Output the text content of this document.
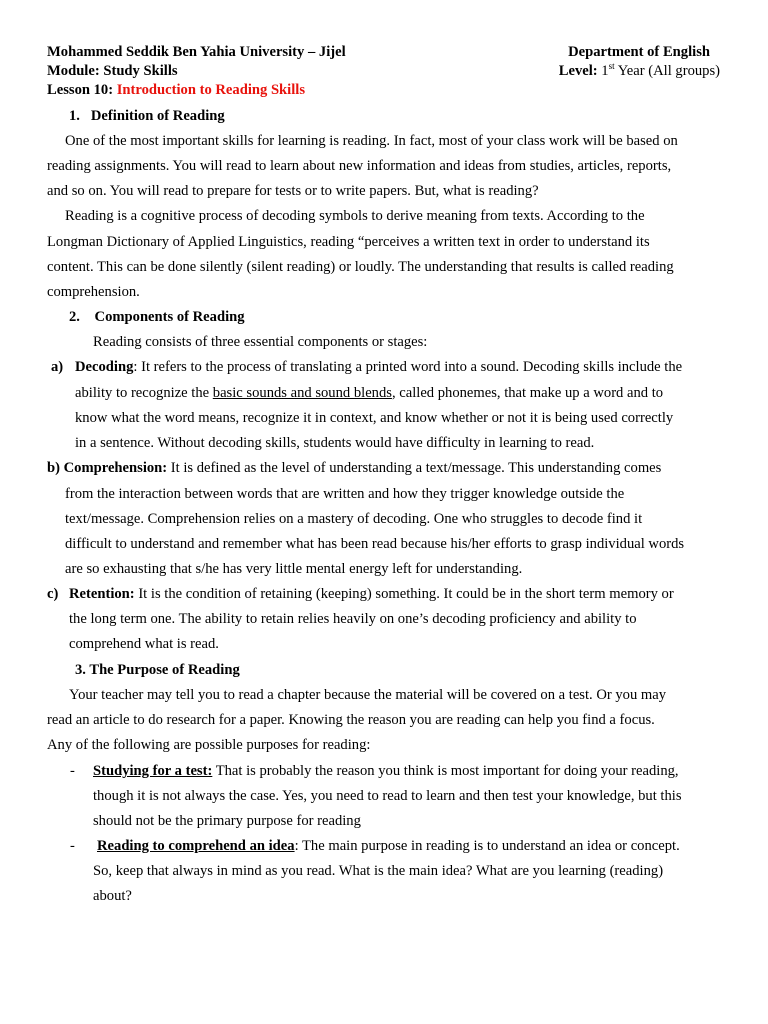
Mohammed Seddik Ben Yahia University – Jijel	Department of English
Module: Study Skills	Level: 1st Year (All groups)
Lesson 10: Introduction to Reading Skills
1.   Definition of Reading
One of the most important skills for learning is reading. In fact, most of your class work will be based on
reading assignments. You will read to learn about new information and ideas from studies, articles, reports,
and so on. You will read to prepare for tests or to write papers. But, what is reading?
Reading is a cognitive process of decoding symbols to derive meaning from texts. According to the
Longman Dictionary of Applied Linguistics, reading “perceives a written text in order to understand its
content. This can be done silently (silent reading) or loudly. The understanding that results is called reading
comprehension.
2.    Components of Reading
Reading consists of three essential components or stages:
a) Decoding: It refers to the process of translating a printed word into a sound. Decoding skills include the
ability to recognize the basic sounds and sound blends, called phonemes, that make up a word and to
know what the word means, recognize it in context, and know whether or not it is being used correctly
in a sentence. Without decoding skills, students would have difficulty in learning to read.
b) Comprehension: It is defined as the level of understanding a text/message. This understanding comes
from the interaction between words that are written and how they trigger knowledge outside the
text/message. Comprehension relies on a mastery of decoding. One who struggles to decode find it
difficult to understand and remember what has been read because his/her efforts to grasp individual words
are so exhausting that s/he has very little mental energy left for understanding.
c) Retention: It is the condition of retaining (keeping) something. It could be in the short term memory or
the long term one. The ability to retain relies heavily on one’s decoding proficiency and ability to
comprehend what is read.
3. The Purpose of Reading
Your teacher may tell you to read a chapter because the material will be covered on a test. Or you may
read an article to do research for a paper. Knowing the reason you are reading can help you find a focus.
Any of the following are possible purposes for reading:
- Studying for a test: That is probably the reason you think is most important for doing your reading,
though it is not always the case. Yes, you need to read to learn and then test your knowledge, but this
should not be the primary purpose for reading
- Reading to comprehend an idea: The main purpose in reading is to understand an idea or concept.
So, keep that always in mind as you read. What is the main idea? What are you learning (reading)
about?
